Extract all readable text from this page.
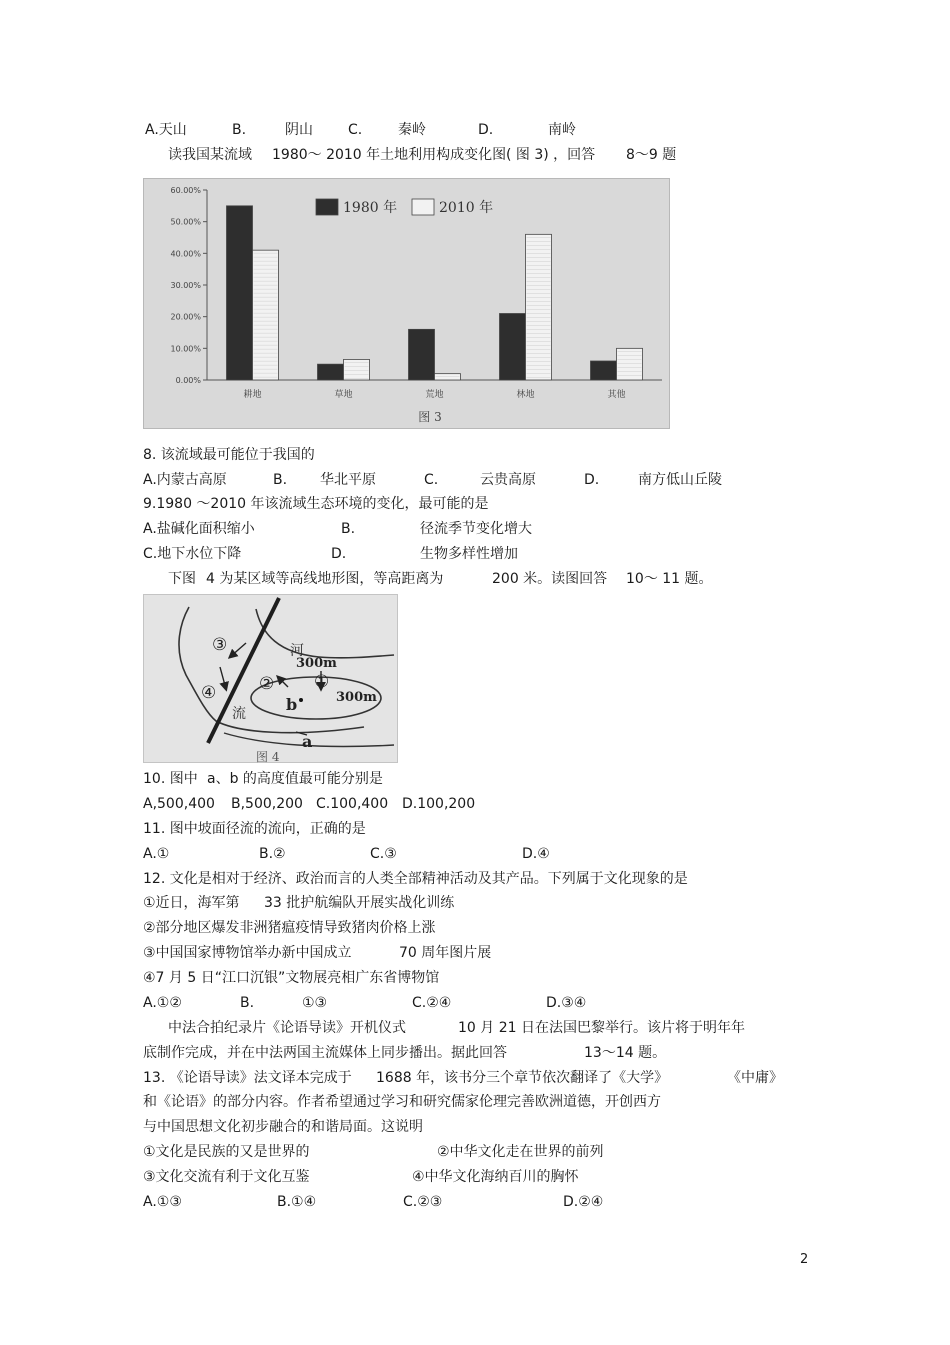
A.天山	B.	阴山	C.	秦岭	D.	南岭
读我国某流域 1980～ 2010 年土地利用构成变化图 ( 图 3) ，回答 8～9 题
8. 该流域最可能位于我国的
A.内蒙古高原	B. 华北平原	C.	云贵高原	D.	南方低山丘陵
9.1980 ～2010 年该流域生态环境的变化，最可能的是
A.盐碱化面积缩小	B.	径流季节变化增大
C.地下水位下降	D.	生物多样性增加
下图 4 为某区域等高线地形图，等高距离为	200 米。读图回答 10～ 11 题。
10. 图中 a、b 的高度值最可能分别是
A,500,400 B,500,200 C.100,400 D.100,200
11. 图中坡面径流的流向，正确的是
A.①	B.②	C.③	D.④
12. 文化是相对于经济、政治而言的人类全部精神活动及其产品。下列属于文化现象的是
①近日，海军第 33 批护航编队开展实战化训练
②部分地区爆发非洲猪瘟疫情导致猪肉价格上涨
③中国国家博物馆举办新中国成立	70 周年图片展
④7 月 5 日“江口沉银”文物展亮相广东省博物馆
A.①②	B.	①③	C.②④	D.③④
中法合拍纪录片《论语导读》开机仪式	10 月 21 日在法国巴黎举行。该片将于明年年
底制作完成，并在中法两国主流媒体上同步播出。据此回答	13～14 题。
13. 《论语导读》法文译本完成于 1688 年，该书分三个章节依次翻译了《大学》	《中庸》
和《论语》的部分内容。作者希望通过学习和研究儒家伦理完善欧洲道德，开创西方
与中国思想文化初步融合的和谐局面。这说明
①文化是民族的又是世界的	②中华文化走在世界的前列
③文化交流有利于文化互鉴	④中华文化海纳百川的胸怀
A.①③	B.①④	C.②③	D.②④
0.00%
10.00%
20.00%
30.00%
40.00%
50.00%
60.00%
耕地	草地	荒地	林地	其他
1980 年	2010 年
图 3
③
④	② ①
河
流
300m
300m
b
a
图 4
2
